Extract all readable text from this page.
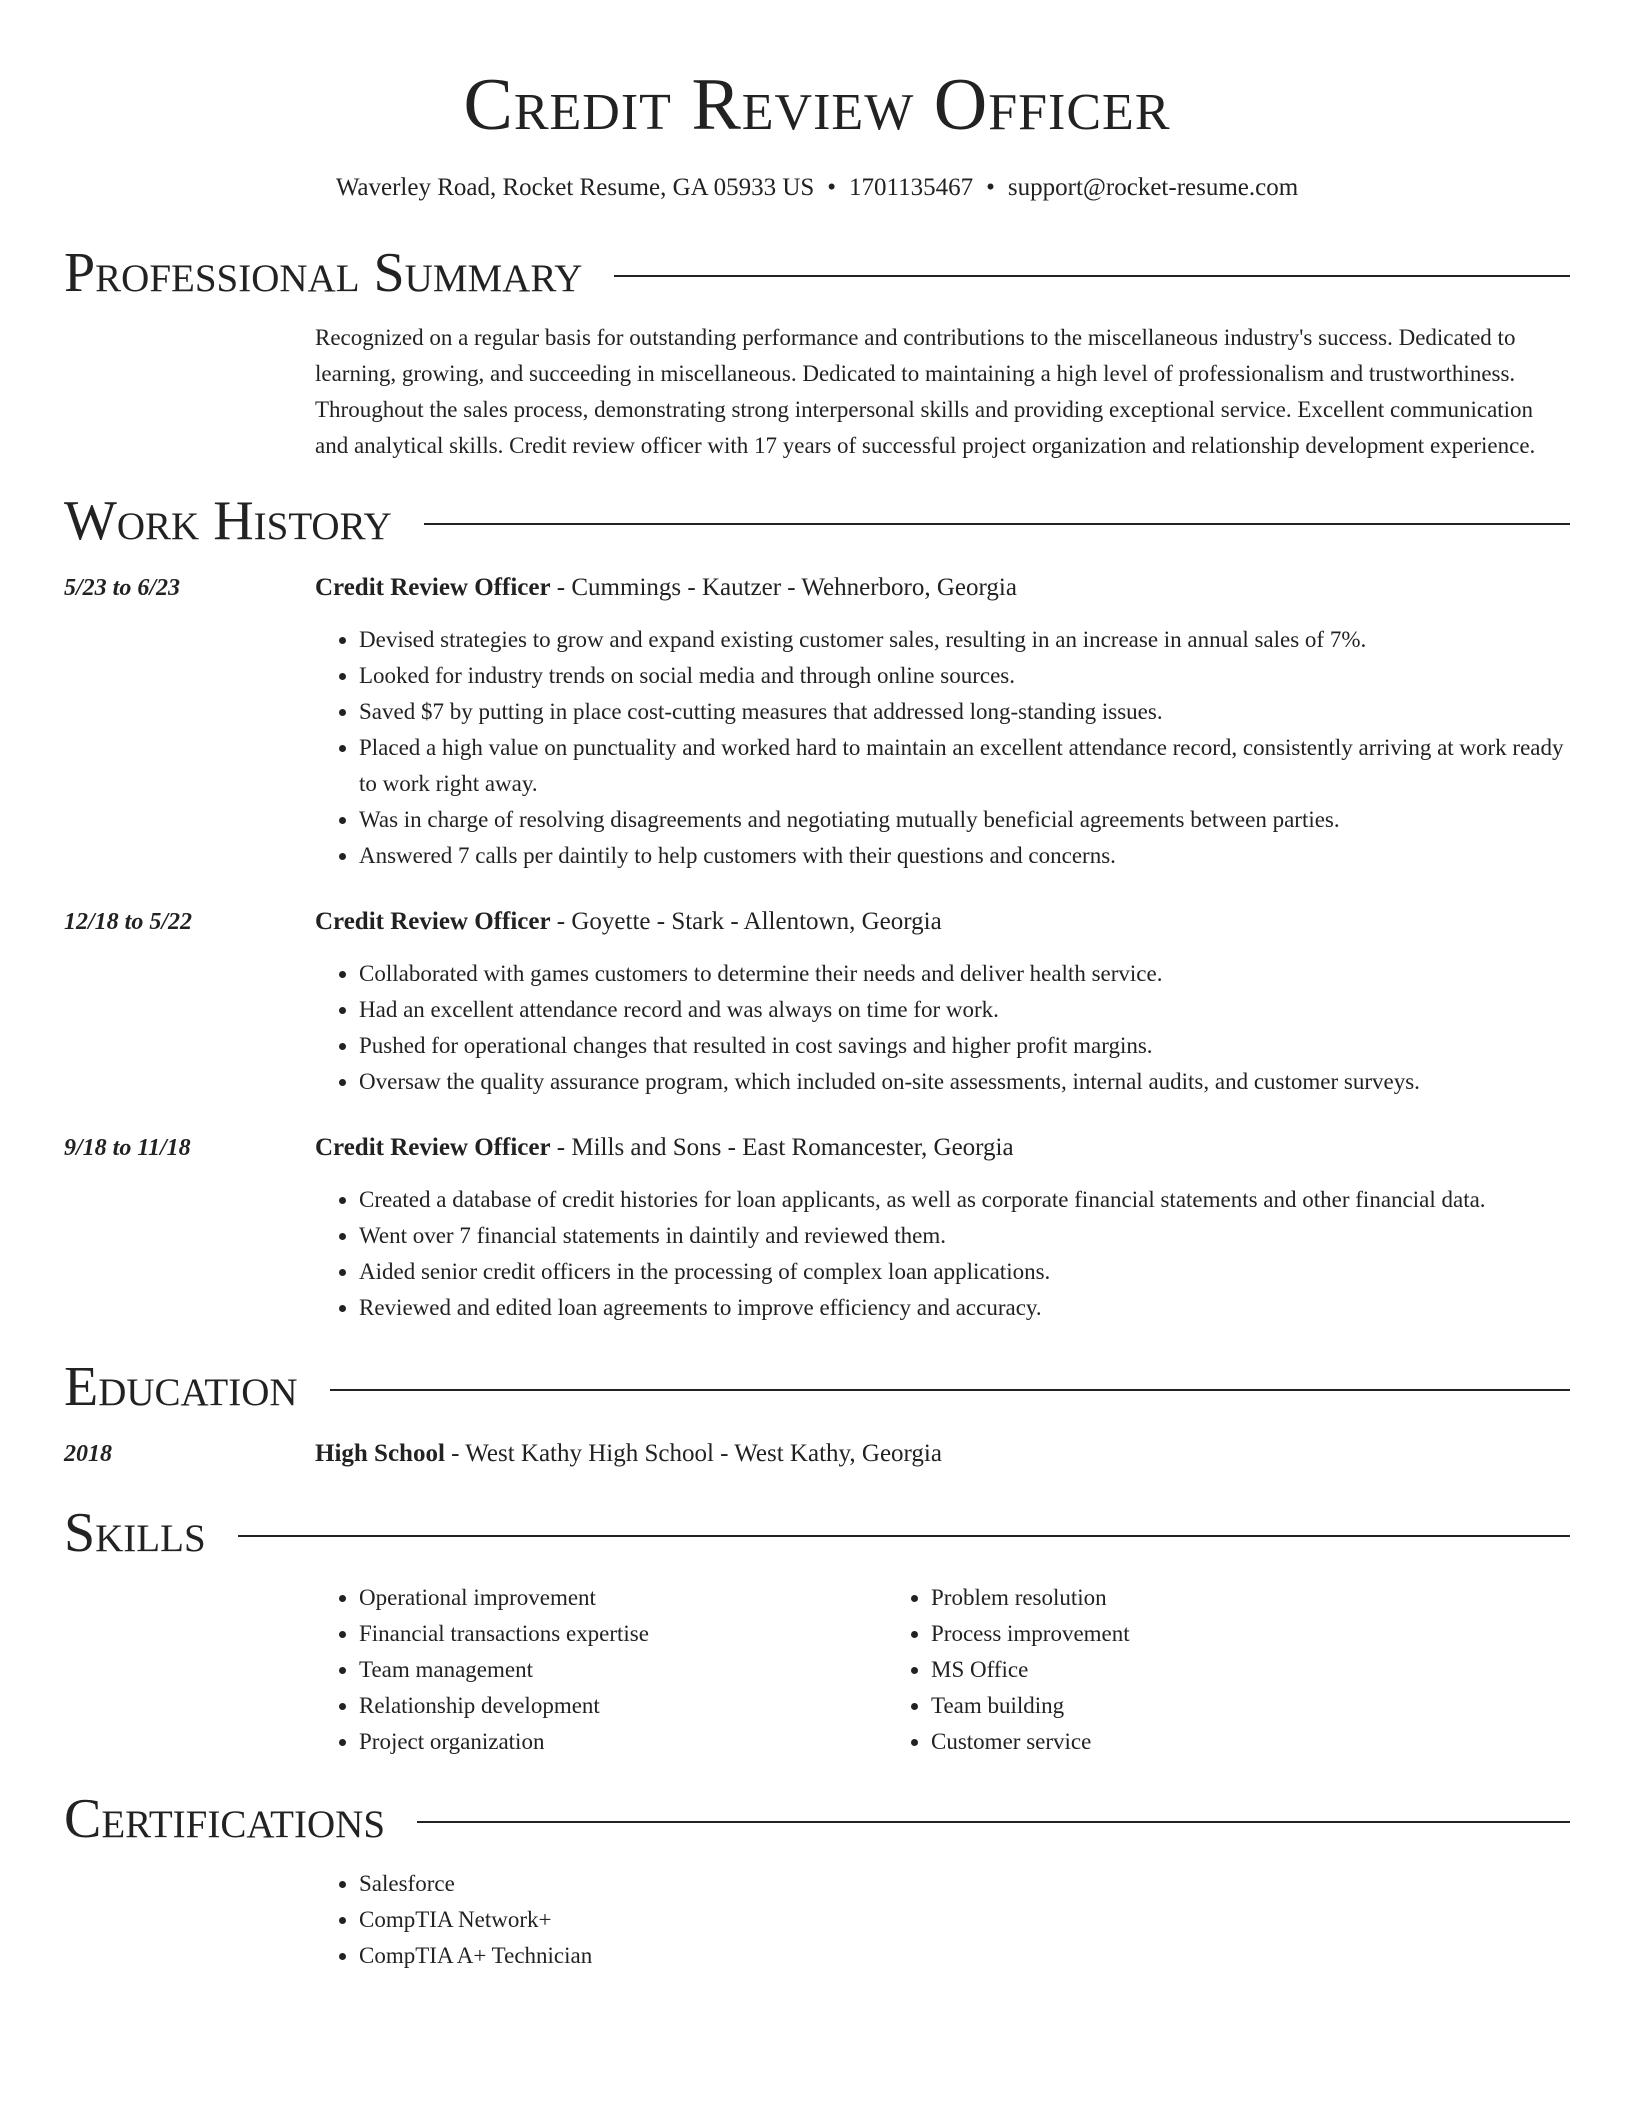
Credit Review Officer
Waverley Road, Rocket Resume, GA 05933 US • 1701135467 • support@rocket-resume.com
Professional Summary
Recognized on a regular basis for outstanding performance and contributions to the miscellaneous industry's success. Dedicated to learning, growing, and succeeding in miscellaneous. Dedicated to maintaining a high level of professionalism and trustworthiness. Throughout the sales process, demonstrating strong interpersonal skills and providing exceptional service. Excellent communication and analytical skills. Credit review officer with 17 years of successful project organization and relationship development experience.
Work History
5/23 to 6/23	Credit Review Officer - Cummings - Kautzer - Wehnerboro, Georgia
• Devised strategies to grow and expand existing customer sales, resulting in an increase in annual sales of 7%.
• Looked for industry trends on social media and through online sources.
• Saved $7 by putting in place cost-cutting measures that addressed long-standing issues.
• Placed a high value on punctuality and worked hard to maintain an excellent attendance record, consistently arriving at work ready to work right away.
• Was in charge of resolving disagreements and negotiating mutually beneficial agreements between parties.
• Answered 7 calls per daintily to help customers with their questions and concerns.
12/18 to 5/22	Credit Review Officer - Goyette - Stark - Allentown, Georgia
• Collaborated with games customers to determine their needs and deliver health service.
• Had an excellent attendance record and was always on time for work.
• Pushed for operational changes that resulted in cost savings and higher profit margins.
• Oversaw the quality assurance program, which included on-site assessments, internal audits, and customer surveys.
9/18 to 11/18	Credit Review Officer - Mills and Sons - East Romancester, Georgia
• Created a database of credit histories for loan applicants, as well as corporate financial statements and other financial data.
• Went over 7 financial statements in daintily and reviewed them.
• Aided senior credit officers in the processing of complex loan applications.
• Reviewed and edited loan agreements to improve efficiency and accuracy.
Education
2018	High School - West Kathy High School - West Kathy, Georgia
Skills
• Operational improvement
• Financial transactions expertise
• Team management
• Relationship development
• Project organization
• Problem resolution
• Process improvement
• MS Office
• Team building
• Customer service
Certifications
• Salesforce
• CompTIA Network+
• CompTIA A+ Technician
